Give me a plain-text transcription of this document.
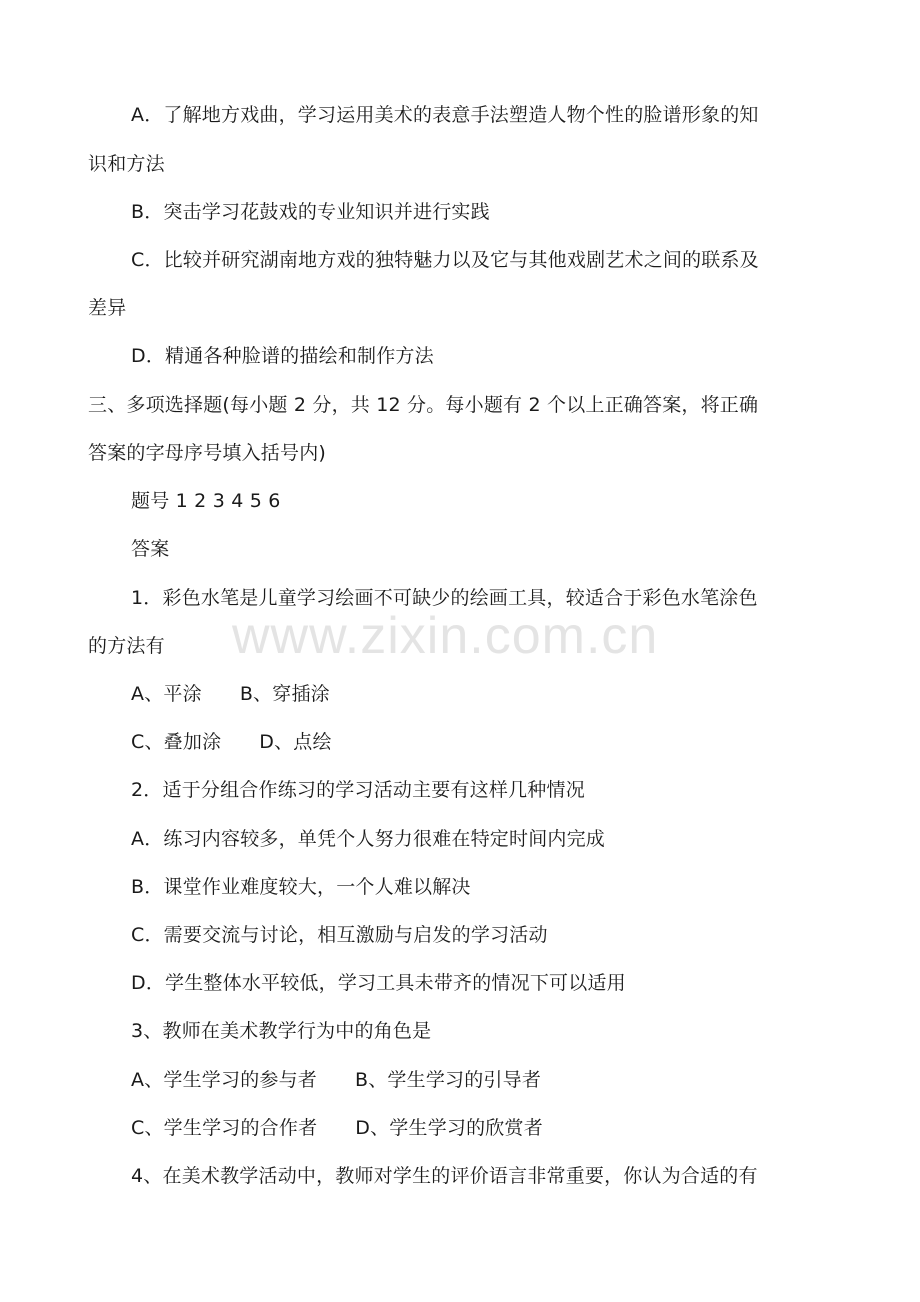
A．了解地方戏曲，学习运用美术的表意手法塑造人物个性的脸谱形象的知
识和方法
B．突击学习花鼓戏的专业知识并进行实践
C．比较并研究湖南地方戏的独特魅力以及它与其他戏剧艺术之间的联系及
差异
D．精通各种脸谱的描绘和制作方法
三、多项选择题(每小题 2 分，共 12 分。每小题有 2 个以上正确答案，将正确
答案的字母序号填入括号内)
题号 1 2 3 4 5 6
答案
1．彩色水笔是儿童学习绘画不可缺少的绘画工具，较适合于彩色水笔涂色
的方法有
A、平涂 B、穿插涂
C、叠加涂 D、点绘
2．适于分组合作练习的学习活动主要有这样几种情况
A．练习内容较多，单凭个人努力很难在特定时间内完成
B．课堂作业难度较大，一个人难以解决
C．需要交流与讨论，相互激励与启发的学习活动
D．学生整体水平较低，学习工具未带齐的情况下可以适用
3、教师在美术教学行为中的角色是
A、学生学习的参与者 B、学生学习的引导者
C、学生学习的合作者 D、学生学习的欣赏者
4、在美术教学活动中，教师对学生的评价语言非常重要，你认为合适的有
www.zixin.com.cn
